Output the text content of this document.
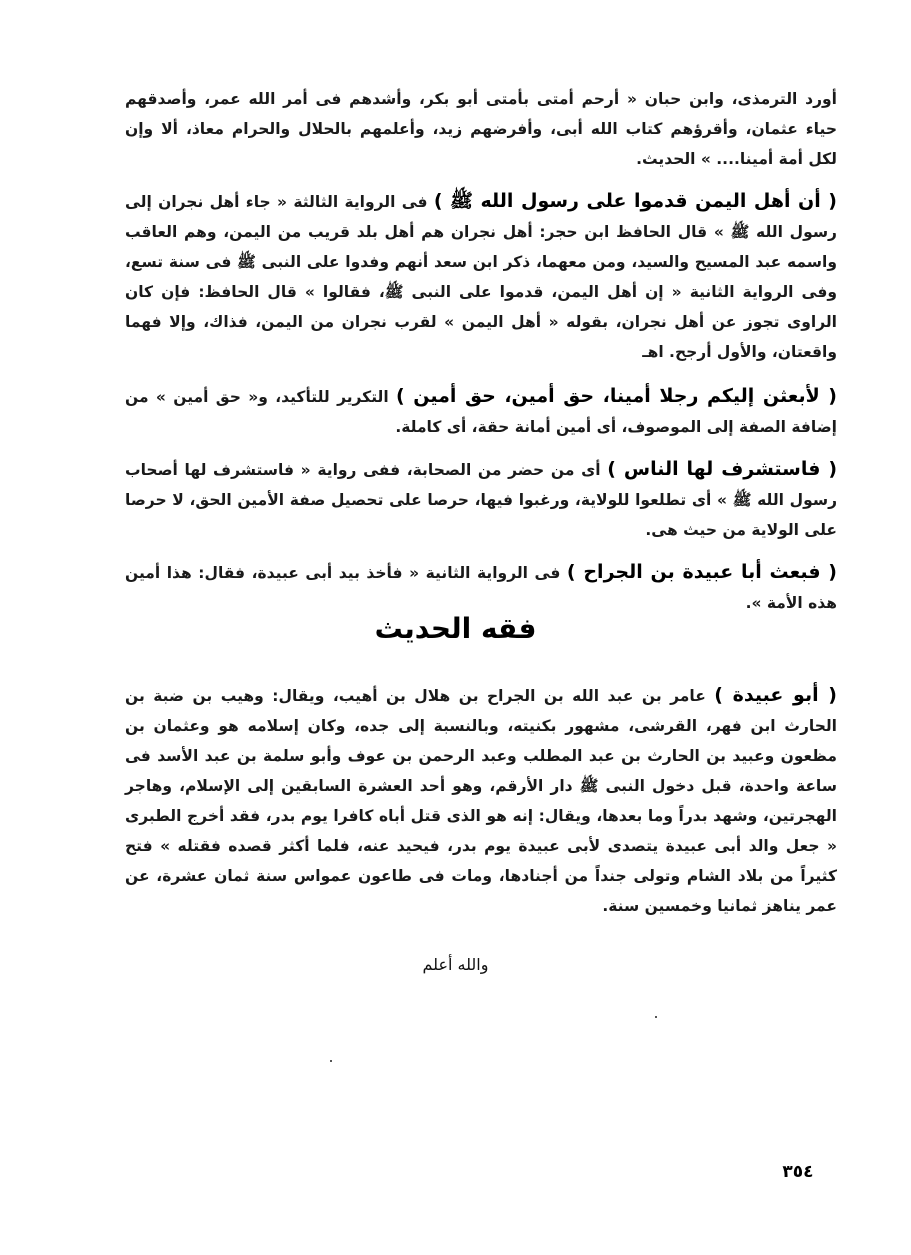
أورد الترمذى، وابن حبان « أرحم أمتى بأمتى أبو بكر، وأشدهم فى أمر الله عمر، وأصدقهم حياء عثمان، وأقرؤهم كتاب الله أبى، وأفرضهم زيد، وأعلمهم بالحلال والحرام معاذ، ألا وإن لكل أمة أمينا.... » الحديث.

( أن أهل اليمن قدموا على رسول الله ﷺ ) فى الرواية الثالثة « جاء أهل نجران إلى رسول الله ﷺ » قال الحافظ ابن حجر: أهل نجران هم أهل بلد قريب من اليمن، وهم العاقب واسمه عبد المسيح والسيد، ومن معهما، ذكر ابن سعد أنهم وفدوا على النبى ﷺ فى سنة تسع، وفى الرواية الثانية « إن أهل اليمن، قدموا على النبى ﷺ، فقالوا » قال الحافظ: فإن كان الراوى تجوز عن أهل نجران، بقوله « أهل اليمن » لقرب نجران من اليمن، فذاك، وإلا فهما واقعتان، والأول أرجح. اهـ

( لأبعثن إليكم رجلا أمينا، حق أمين، حق أمين ) التكرير للتأكيد، و« حق أمين » من إضافة الصفة إلى الموصوف، أى أمين أمانة حقة، أى كاملة.

( فاستشرف لها الناس ) أى من حضر من الصحابة، ففى رواية « فاستشرف لها أصحاب رسول الله ﷺ » أى تطلعوا للولاية، ورغبوا فيها، حرصا على تحصيل صفة الأمين الحق، لا حرصا على الولاية من حيث هى.

( فبعث أبا عبيدة بن الجراح ) فى الرواية الثانية « فأخذ بيد أبى عبيدة، فقال: هذا أمين هذه الأمة ».

فقه الحديث

( أبو عبيدة ) عامر بن عبد الله بن الجراح بن هلال بن أهيب، ويقال: وهيب بن ضبة بن الحارث ابن فهر، القرشى، مشهور بكنيته، وبالنسبة إلى جده، وكان إسلامه هو وعثمان بن مظعون وعبيد بن الحارث بن عبد المطلب وعبد الرحمن بن عوف وأبو سلمة بن عبد الأسد فى ساعة واحدة، قبل دخول النبى ﷺ دار الأرقم، وهو أحد العشرة السابقين إلى الإسلام، وهاجر الهجرتين، وشهد بدراً وما بعدها، ويقال: إنه هو الذى قتل أباه كافرا يوم بدر، فقد أخرج الطبرى « جعل والد أبى عبيدة يتصدى لأبى عبيدة يوم بدر، فيحيد عنه، فلما أكثر قصده فقتله » فتح كثيراً من بلاد الشام وتولى جنداً من أجنادها، ومات فى طاعون عمواس سنة ثمان عشرة، عن عمر يناهز ثمانيا وخمسين سنة.

والله أعلم
٣٥٤
